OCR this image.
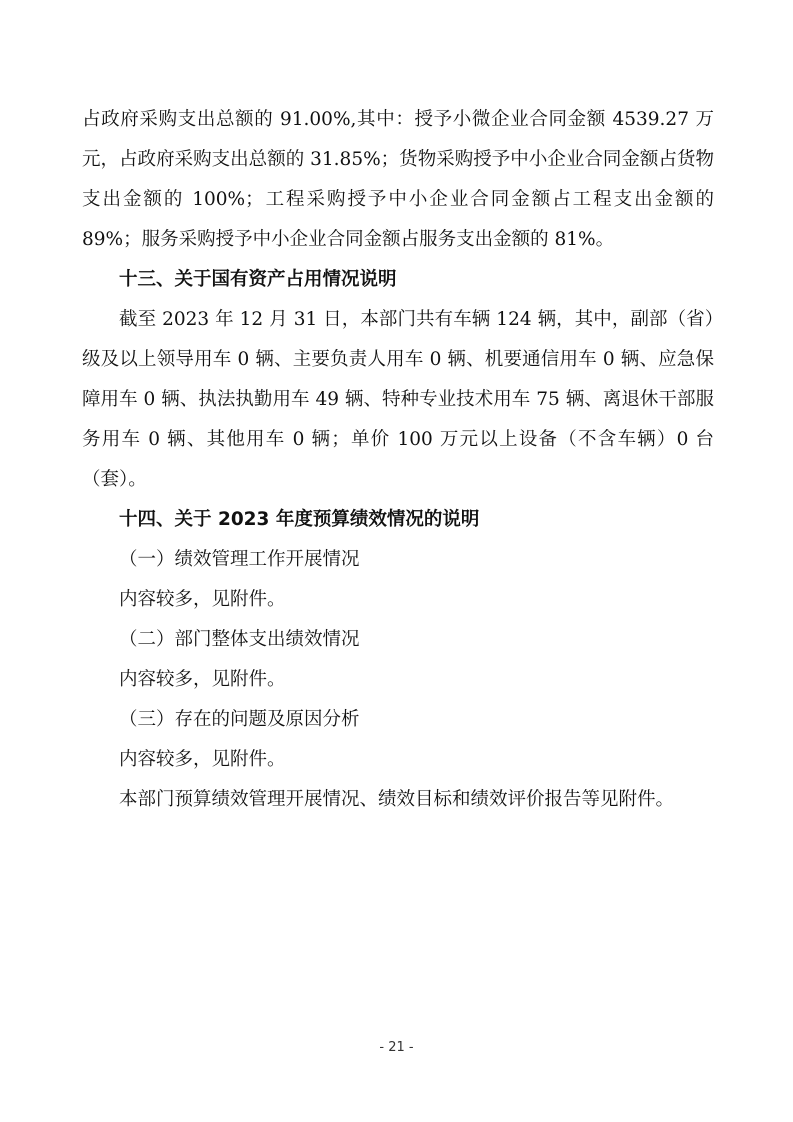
占政府采购支出总额的 91.00%,其中：授予小微企业合同金额 4539.27 万元，占政府采购支出总额的 31.85%；货物采购授予中小企业合同金额占货物支出金额的 100%；工程采购授予中小企业合同金额占工程支出金额的 89%；服务采购授予中小企业合同金额占服务支出金额的 81%。

十三、关于国有资产占用情况说明

截至 2023 年 12 月 31 日，本部门共有车辆 124 辆，其中，副部（省）级及以上领导用车 0 辆、主要负责人用车 0 辆、机要通信用车 0 辆、应急保障用车 0 辆、执法执勤用车 49 辆、特种专业技术用车 75 辆、离退休干部服务用车 0 辆、其他用车 0 辆；单价 100 万元以上设备（不含车辆）0 台（套）。

十四、关于 2023 年度预算绩效情况的说明

（一）绩效管理工作开展情况

内容较多，见附件。

（二）部门整体支出绩效情况

内容较多，见附件。

（三）存在的问题及原因分析

内容较多，见附件。

本部门预算绩效管理开展情况、绩效目标和绩效评价报告等见附件。

- 21 -
